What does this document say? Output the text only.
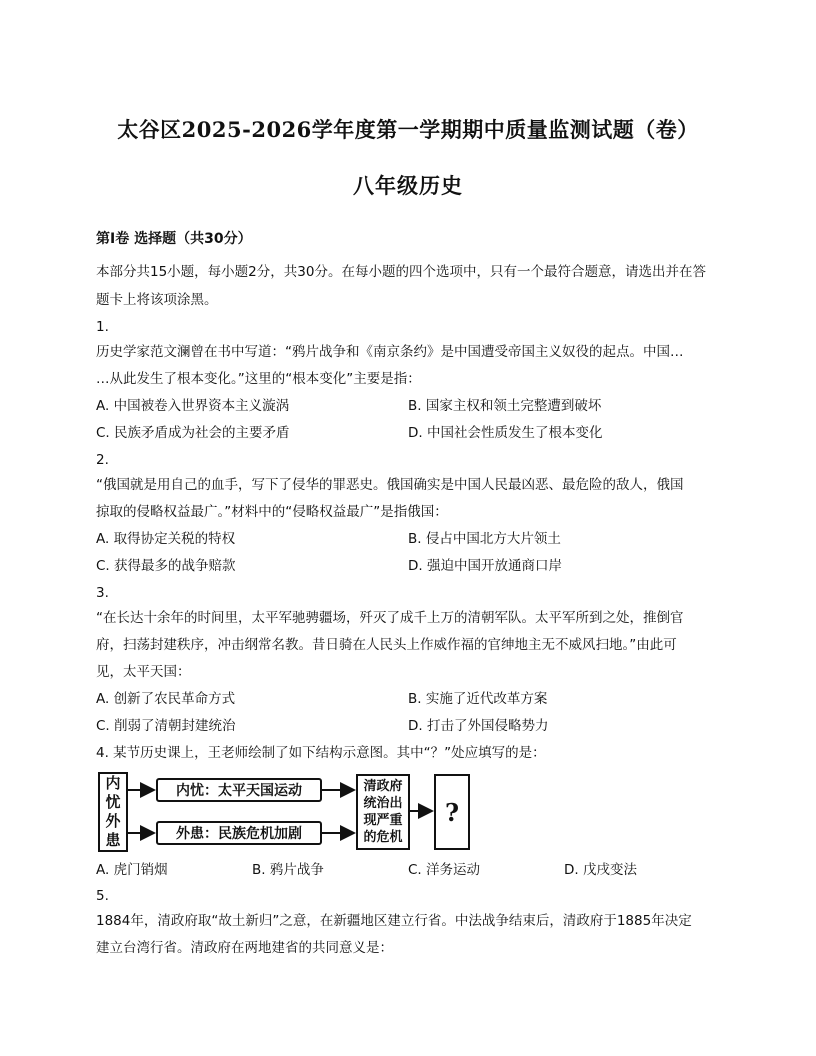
太谷区2025-2026学年度第一学期期中质量监测试题（卷）
八年级历史
第Ⅰ卷 选择题（共30分）
本部分共15小题，每小题2分，共30分。在每小题的四个选项中，只有一个最符合题意，请选出并在答
题卡上将该项涂黑。
1.
历史学家范文澜曾在书中写道：“鸦片战争和《南京条约》是中国遭受帝国主义奴役的起点。中国…
…从此发生了根本变化。”这里的“根本变化”主要是指：
A. 中国被卷入世界资本主义漩涡	B. 国家主权和领土完整遭到破坏
C. 民族矛盾成为社会的主要矛盾	D. 中国社会性质发生了根本变化
2.
“俄国就是用自己的血手，写下了侵华的罪恶史。俄国确实是中国人民最凶恶、最危险的敌人，俄国
掠取的侵略权益最广。”材料中的“侵略权益最广”是指俄国：
A. 取得协定关税的特权	B. 侵占中国北方大片领土
C. 获得最多的战争赔款	D. 强迫中国开放通商口岸
3.
“在长达十余年的时间里，太平军驰骋疆场，歼灭了成千上万的清朝军队。太平军所到之处，推倒官
府，扫荡封建秩序，冲击纲常名教。昔日骑在人民头上作威作福的官绅地主无不威风扫地。”由此可
见，太平天国：
A. 创新了农民革命方式	B. 实施了近代改革方案
C. 削弱了清朝封建统治	D. 打击了外国侵略势力
4. 某节历史课上，王老师绘制了如下结构示意图。其中“？”处应填写的是：
内忧外患
内忧：太平天国运动
外患：民族危机加剧
清政府统治出现严重的危机
?
A. 虎门销烟	B. 鸦片战争	C. 洋务运动	D. 戊戌变法
5.
1884年，清政府取“故土新归”之意，在新疆地区建立行省。中法战争结束后，清政府于1885年决定
建立台湾行省。清政府在两地建省的共同意义是：
